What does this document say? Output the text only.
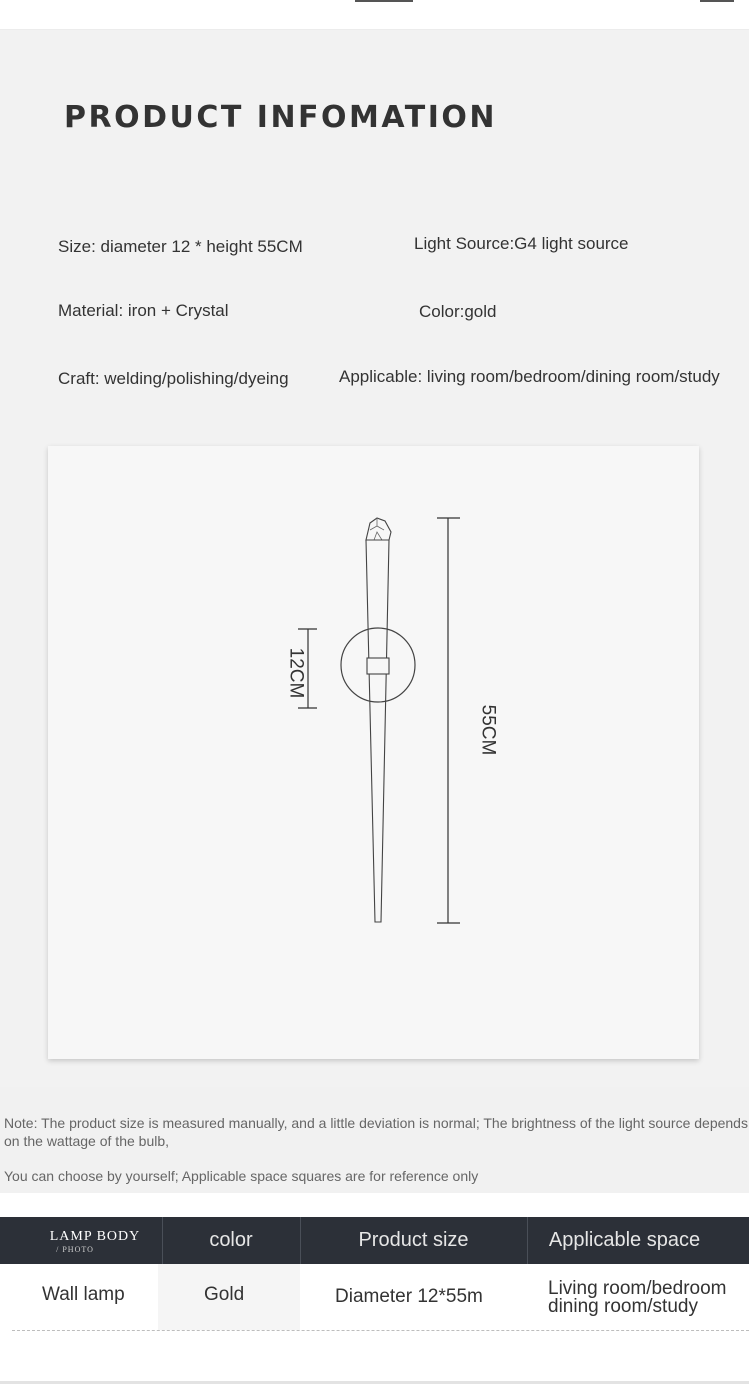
PRODUCT INFOMATION
Size: diameter 12 * height 55CM	Light Source:G4 light source
Material: iron + Crystal	Color:gold
Craft: welding/polishing/dyeing	Applicable: living room/bedroom/dining room/study
12CM
55CM

Note: The product size is measured manually, and a little deviation is normal; The brightness of the light source depends on the wattage of the bulb,

You can choose by yourself; Applicable space squares are for reference only

LAMP BODY
/ PHOTO	color	Product size	Applicable space
Wall lamp	Gold	Diameter 12*55m	Living room/bedroom
dining room/study
